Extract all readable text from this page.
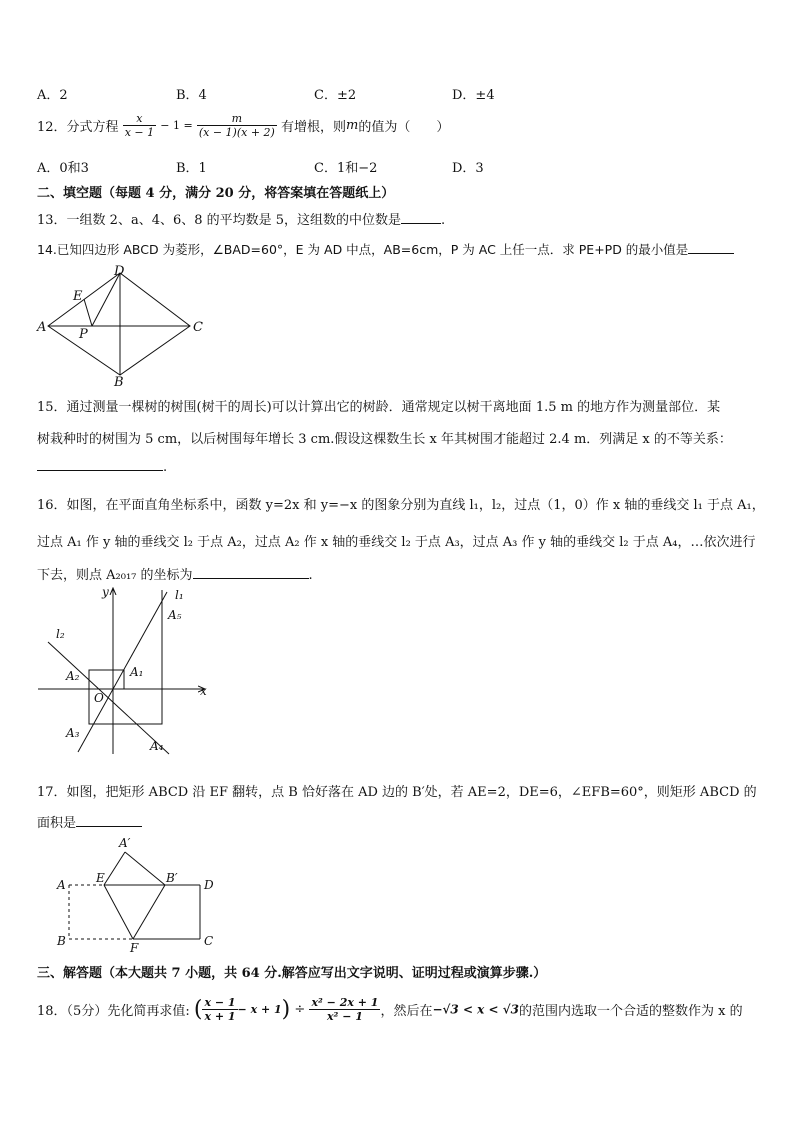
A．2	B．4	C．±2	D．±4
12．分式方程 $\frac{x}{x - 1} - 1 = \frac{m}{(x - 1)(x + 2)}$ 有增根，则m的值为（　　）
A．0和3	B．1	C．1和−2	D．3
二、填空题（每题 4 分，满分 20 分，将答案填在答题纸上）
13．一组数 2、a、4、6、8 的平均数是 5，这组数的中位数是	.
14.已知四边形 ABCD 为菱形，∠BAD=60°，E 为 AD 中点，AB=6cm，P 为 AC 上任一点．求 PE+PD 的最小值是
A
B
C
D
E
P
15．通过测量一棵树的树围(树干的周长)可以计算出它的树龄．通常规定以树干离地面 1.5 m 的地方作为测量部位．某
树栽种时的树围为 5 cm，以后树围每年增长 3 cm.假设这棵数生长 x 年其树围才能超过 2.4 m．列满足 x 的不等关系：
.
16．如图，在平面直角坐标系中，函数 y=2x 和 y=−x 的图象分别为直线 l₁，l₂，过点（1，0）作 x 轴的垂线交 l₁ 于点 A₁，
过点 A₁ 作 y 轴的垂线交 l₂ 于点 A₂，过点 A₂ 作 x 轴的垂线交 l₂ 于点 A₃，过点 A₃ 作 y 轴的垂线交 l₂ 于点 A₄，…依次进行
下去，则点 A₂₀₁₇ 的坐标为	.
y
x
O
l₁
l₂
A₁
A₂
A₃
A₄
A₅
17．如图，把矩形 ABCD 沿 EF 翻转，点 B 恰好落在 AD 边的 B′处，若 AE=2，DE=6，∠EFB=60°，则矩形 ABCD 的
面积是
A
B	C
D
E
F
A′
B′
三、解答题（本大题共 7 小题，共 64 分.解答应写出文字说明、证明过程或演算步骤.）
18．（5分）先化简再求值: ( $\frac{x - 1}{x + 1} - x + 1) \div \frac{\text{x² − 2x + 1}}{\text{x² − 1}}$ ，然后在−√3 < x < √3的范围内选取一个合适的整数作为 x 的
